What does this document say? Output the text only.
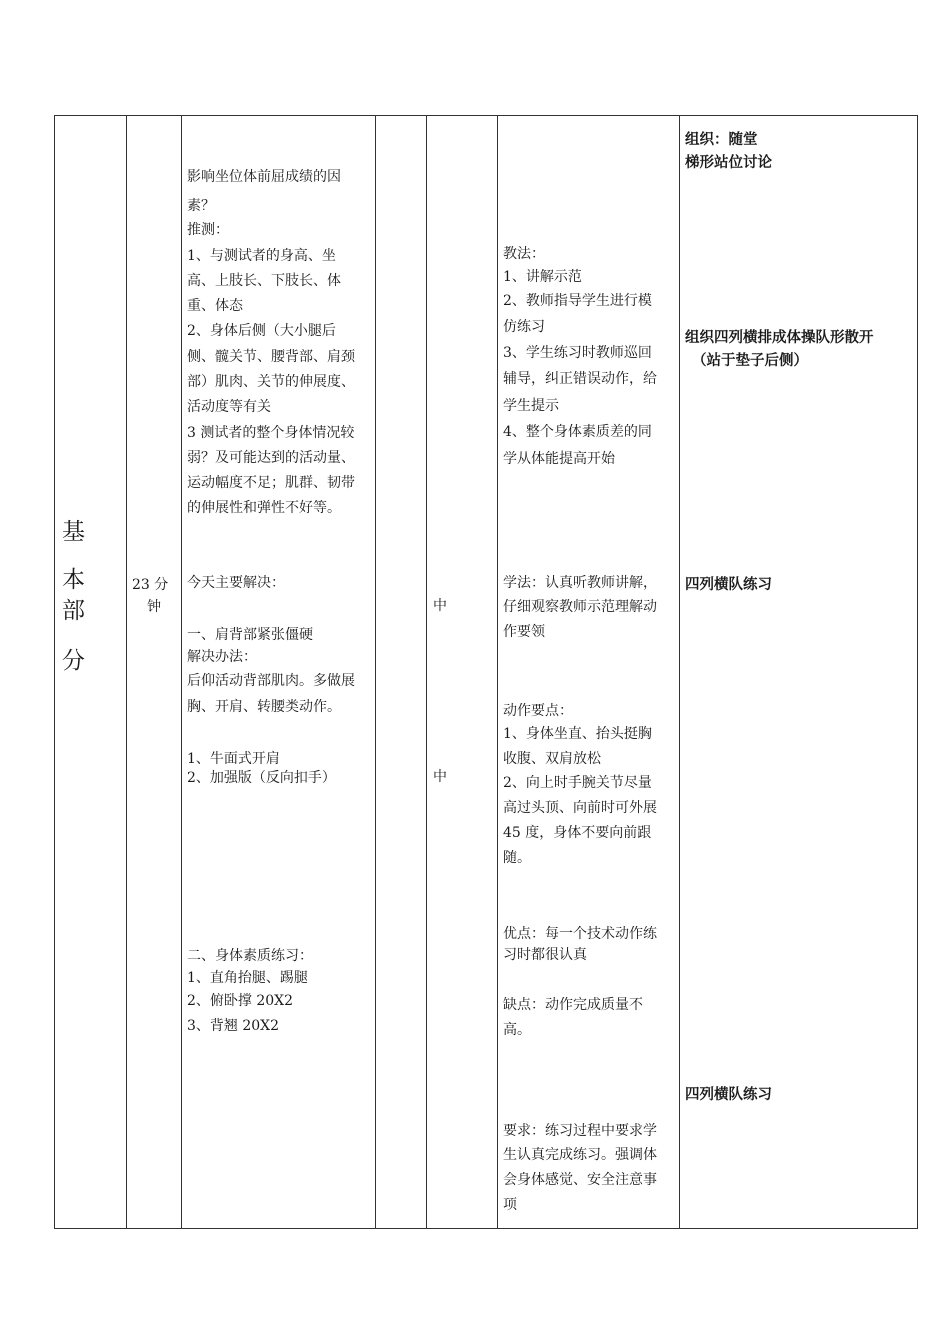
基
本
部
分
23 分
钟
影响坐位体前屈成绩的因
素？
推测：
1、与测试者的身高、坐
高、上肢长、下肢长、体
重、体态
2、身体后侧（大小腿后
侧、髋关节、腰背部、肩颈
部）肌肉、关节的伸展度、
活动度等有关
3 测试者的整个身体情况较
弱？及可能达到的活动量、
运动幅度不足；肌群、韧带
的伸展性和弹性不好等。
今天主要解决：
一、肩背部紧张僵硬
解决办法：
后仰活动背部肌肉。多做展
胸、开肩、转腰类动作。
1、牛面式开肩
2、加强版（反向扣手）
二、身体素质练习：
1、直角抬腿、踢腿
2、俯卧撑 20X2
3、背翘 20X2
中
中
教法：
1、讲解示范
2、教师指导学生进行模
仿练习
3、学生练习时教师巡回
辅导，纠正错误动作，给
学生提示
4、整个身体素质差的同
学从体能提高开始
学法：认真听教师讲解，
仔细观察教师示范理解动
作要领
动作要点：
1、身体坐直、抬头挺胸
收腹、双肩放松
2、向上时手腕关节尽量
高过头顶、向前时可外展
45 度，身体不要向前跟
随。
优点：每一个技术动作练
习时都很认真
缺点：动作完成质量不
高。
要求：练习过程中要求学
生认真完成练习。强调体
会身体感觉、安全注意事
项
组织：随堂
梯形站位讨论
组织四列横排成体操队形散开
（站于垫子后侧）
四列横队练习
四列横队练习
